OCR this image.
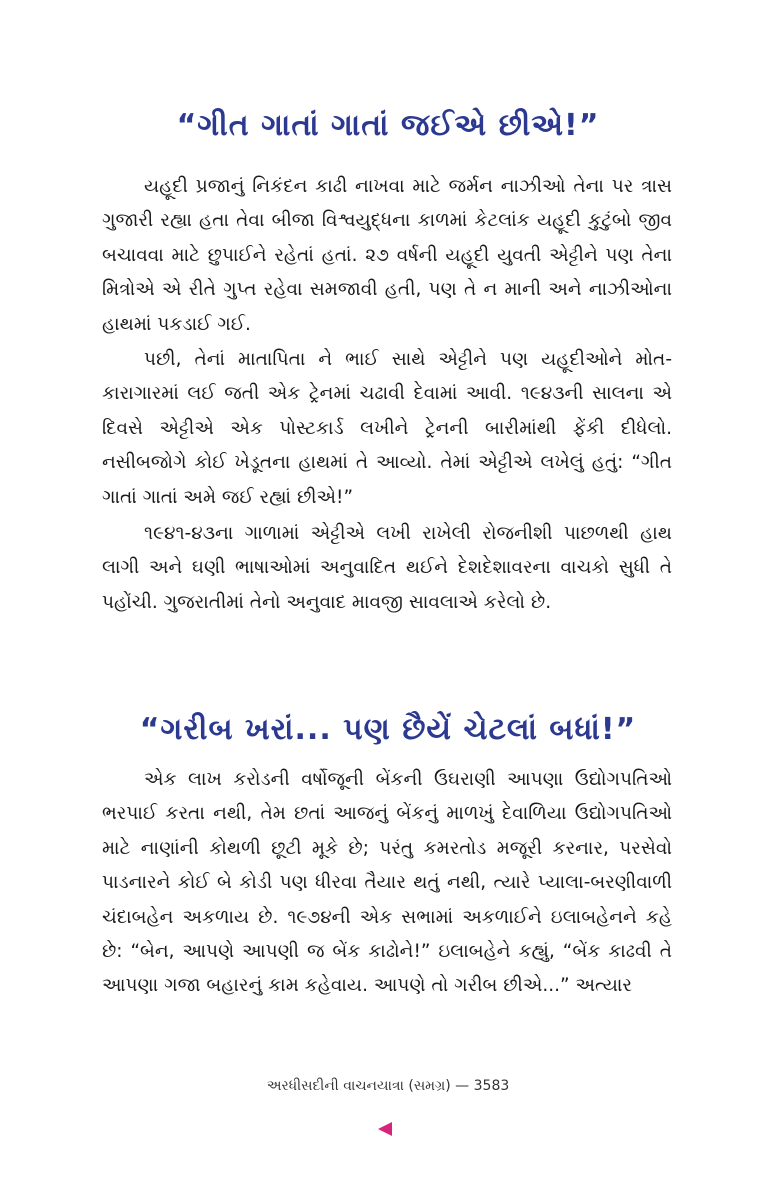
“ગીત ગાતાં ગાતાં જઈએ છીએ!”

યહૂદી પ્રજાનું નિકંદન કાઢી નાખવા માટે જર્મન નાઝીઓ તેના પર ત્રાસ ગુજારી રહ્યા હતા તેવા બીજા વિશ્વયુદ્ધના કાળમાં કેટલાંક યહૂદી કુટુંબો જીવ બચાવવા માટે છુપાઈને રહેતાં હતાં. ૨૭ વર્ષની યહૂદી યુવતી એટ્ટીને પણ તેના મિત્રોએ એ રીતે ગુપ્ત રહેવા સમજાવી હતી, પણ તે ન માની અને નાઝીઓના હાથમાં પકડાઈ ગઈ.

પછી, તેનાં માતાપિતા ને ભાઈ સાથે એટ્ટીને પણ યહૂદીઓને મોત-કારાગારમાં લઈ જતી એક ટ્રેનમાં ચઢાવી દેવામાં આવી. ૧૯૪૩ની સાલના એ દિવસે એટ્ટીએ એક પોસ્ટકાર્ડ લખીને ટ્રેનની બારીમાંથી ફેંકી દીધેલો. નસીબજોગે કોઈ ખેડૂતના હાથમાં તે આવ્યો. તેમાં એટ્ટીએ લખેલું હતું: “ગીત ગાતાં ગાતાં અમે જઈ રહ્યાં છીએ!”

૧૯૪૧-૪૩ના ગાળામાં એટ્ટીએ લખી રાખેલી રોજનીશી પાછળથી હાથ લાગી અને ઘણી ભાષાઓમાં અનુવાદિત થઈને દેશદેશાવરના વાચકો સુધી તે પહોંચી. ગુજરાતીમાં તેનો અનુવાદ માવજી સાવલાએ કરેલો છે.

“ગરીબ ખરાં... પણ છૈયેં ચેટલાં બધાં!”

એક લાખ કરોડની વર્ષોજૂની બેંકની ઉઘરાણી આપણા ઉદ્યોગપતિઓ ભરપાઈ કરતા નથી, તેમ છતાં આજનું બેંકનું માળખું દેવાળિયા ઉદ્યોગપતિઓ માટે નાણાંની કોથળી છૂટી મૂકે છે; પરંતુ કમરતોડ મજૂરી કરનાર, પરસેવો પાડનારને કોઈ બે કોડી પણ ધીરવા તૈયાર થતું નથી, ત્યારે પ્યાલા-બરણીવાળી ચંદાબહેન અકળાય છે. ૧૯૭૪ની એક સભામાં અકળાઈને ઇલાબહેનને કહે છે: “બેન, આપણે આપણી જ બેંક કાઢોને!” ઇલાબહેને કહ્યું, “બેંક કાઢવી તે આપણા ગજા બહારનું કામ કહેવાય. આપણે તો ગરીબ છીએ...” અત્યાર

અરધીસદીની વાચનયાત્રા (સમગ્ર) — 3583
